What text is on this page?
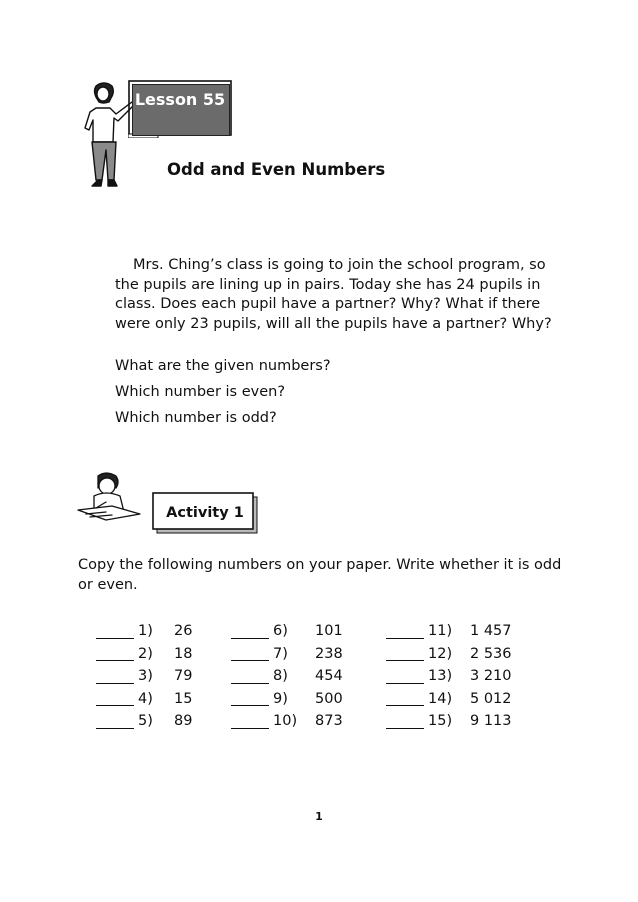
Lesson 55
Odd and Even Numbers

Mrs. Ching’s class is going to join the school program, so the pupils are lining up in pairs. Today she has 24 pupils in class. Does each pupil have a partner? Why? What if there were only 23 pupils, will all the pupils have a partner? Why?

What are the given numbers?
Which number is even?
Which number is odd?
Activity 1
Copy the following numbers on your paper. Write whether it is odd or even.
1) 26
2) 18
3) 79
4) 15
5) 89
6) 101
7) 238
8) 454
9) 500
10) 873
11) 1 457
12) 2 536
13) 3 210
14) 5 012
15) 9 113
1
